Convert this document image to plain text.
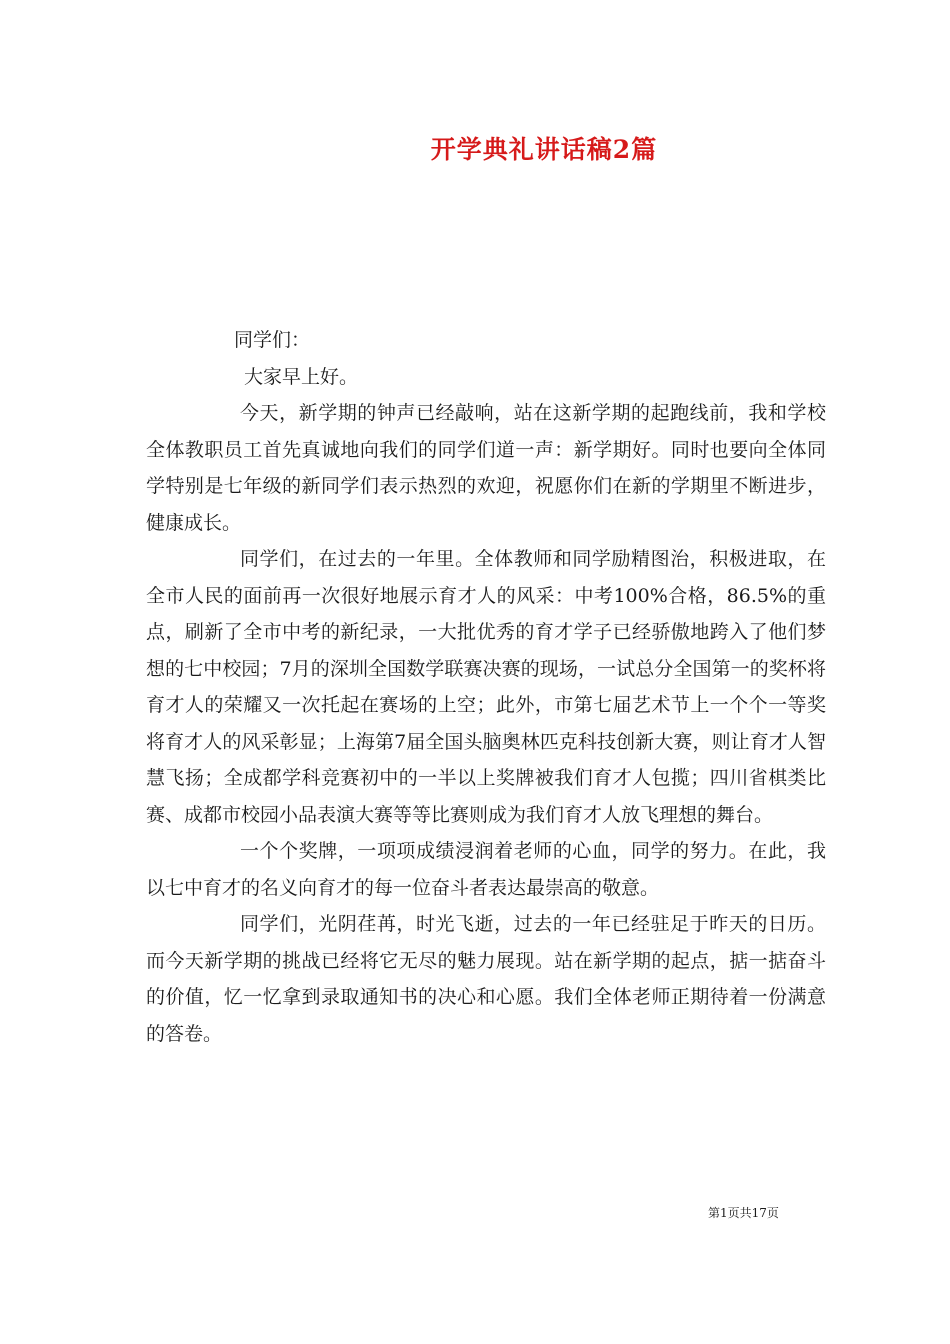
开学典礼讲话稿2篇

同学们：

大家早上好。

今天，新学期的钟声已经敲响，站在这新学期的起跑线前，我和学校全体教职员工首先真诚地向我们的同学们道一声：新学期好。同时也要向全体同学特别是七年级的新同学们表示热烈的欢迎，祝愿你们在新的学期里不断进步，健康成长。

同学们，在过去的一年里。全体教师和同学励精图治，积极进取，在全市人民的面前再一次很好地展示育才人的风采：中考100%合格，86.5%的重点，刷新了全市中考的新纪录，一大批优秀的育才学子已经骄傲地跨入了他们梦想的七中校园；7月的深圳全国数学联赛决赛的现场，一试总分全国第一的奖杯将育才人的荣耀又一次托起在赛场的上空；此外，市第七届艺术节上一个个一等奖将育才人的风采彰显；上海第7届全国头脑奥林匹克科技创新大赛，则让育才人智慧飞扬；全成都学科竞赛初中的一半以上奖牌被我们育才人包揽；四川省棋类比赛、成都市校园小品表演大赛等等比赛则成为我们育才人放飞理想的舞台。

一个个奖牌，一项项成绩浸润着老师的心血，同学的努力。在此，我以七中育才的名义向育才的每一位奋斗者表达最崇高的敬意。

同学们，光阴荏苒，时光飞逝，过去的一年已经驻足于昨天的日历。而今天新学期的挑战已经将它无尽的魅力展现。站在新学期的起点，掂一掂奋斗的价值，忆一忆拿到录取通知书的决心和心愿。我们全体老师正期待着一份满意的答卷。

第1页共17页
